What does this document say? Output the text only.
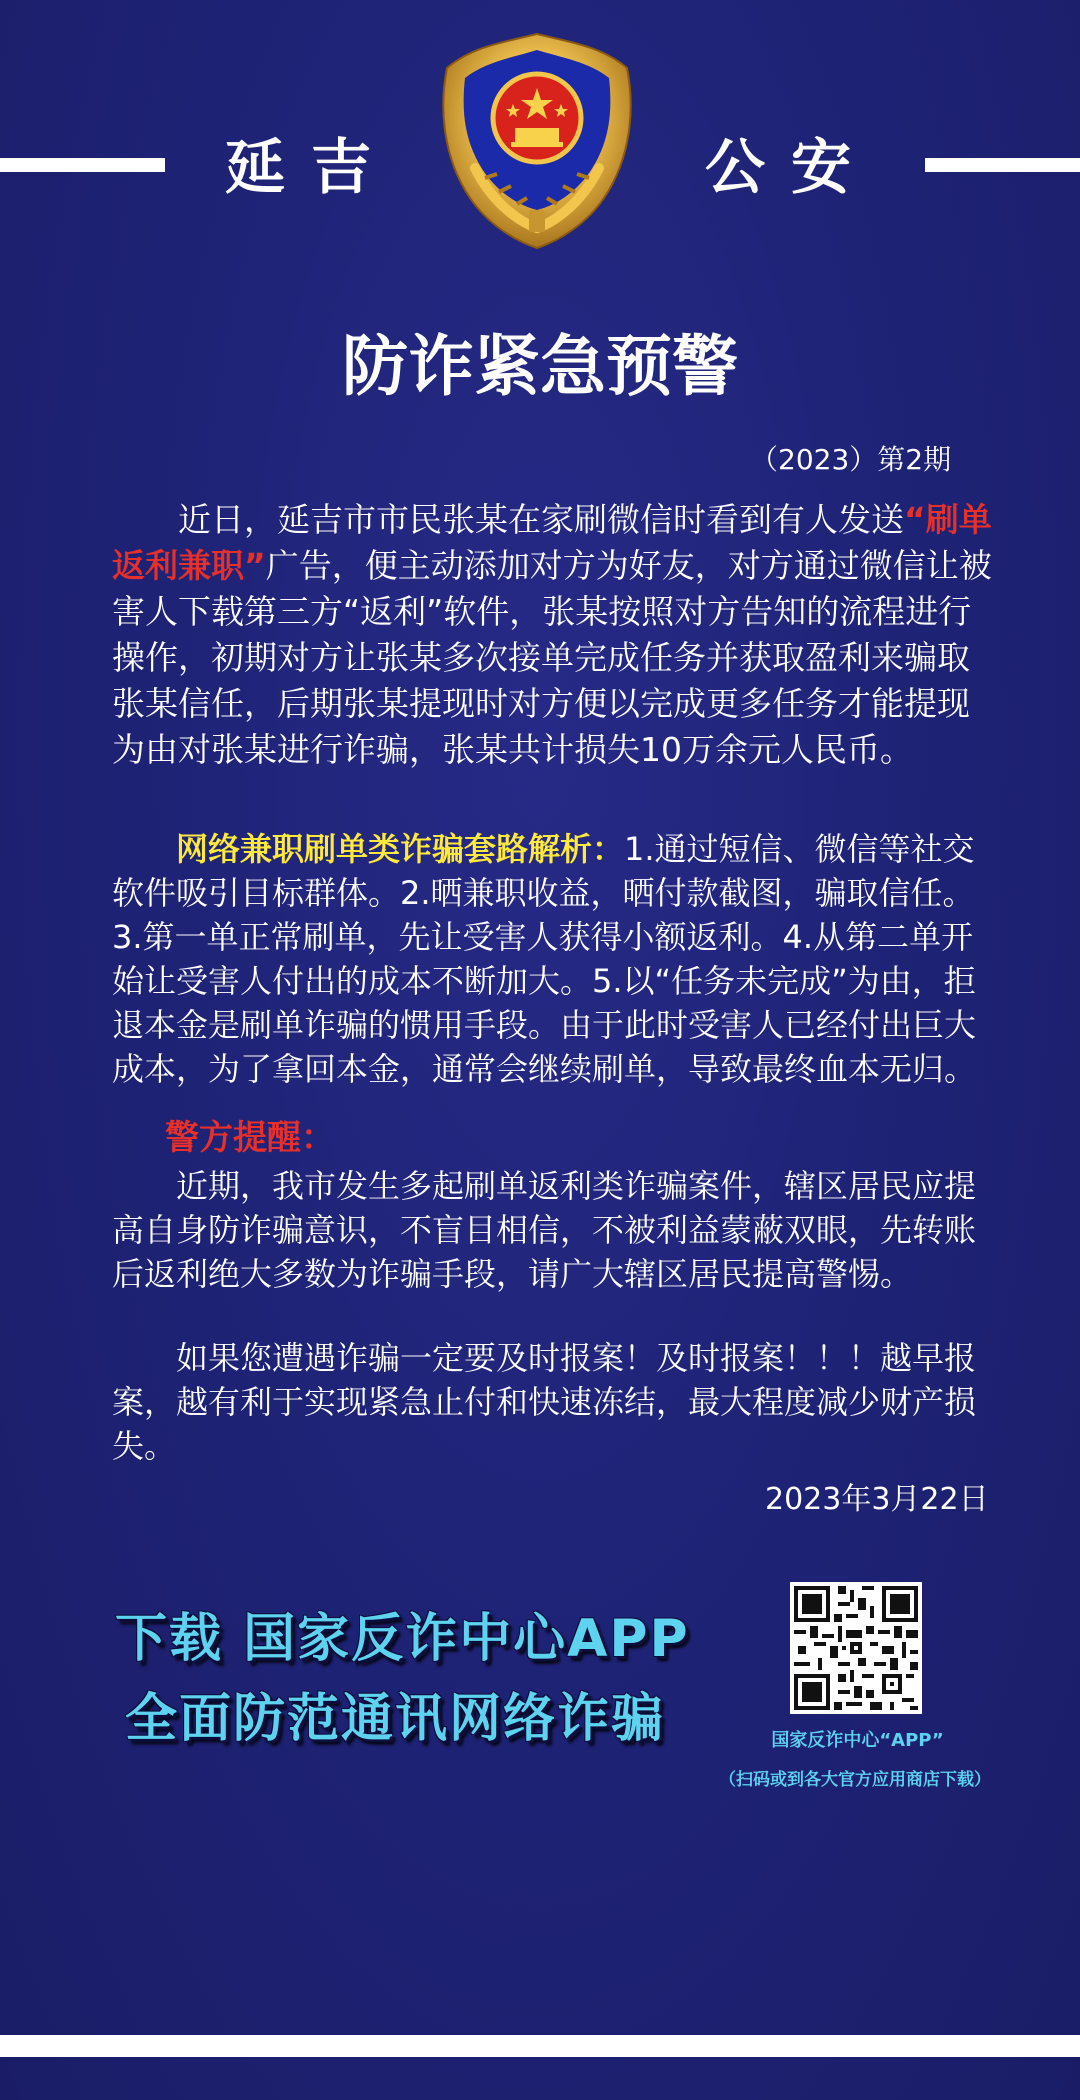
延吉	公安
防诈紧急预警
（2023）第2期

近日，延吉市市民张某在家刷微信时看到有人发送“刷单返利兼职”广告，便主动添加对方为好友，对方通过微信让被害人下载第三方“返利”软件，张某按照对方告知的流程进行操作，初期对方让张某多次接单完成任务并获取盈利来骗取张某信任，后期张某提现时对方便以完成更多任务才能提现为由对张某进行诈骗，张某共计损失10万余元人民币。

网络兼职刷单类诈骗套路解析：1.通过短信、微信等社交软件吸引目标群体。2.晒兼职收益，晒付款截图，骗取信任。3.第一单正常刷单，先让受害人获得小额返利。4.从第二单开始让受害人付出的成本不断加大。5.以“任务未完成”为由，拒退本金是刷单诈骗的惯用手段。由于此时受害人已经付出巨大成本，为了拿回本金，通常会继续刷单，导致最终血本无归。

警方提醒：

近期，我市发生多起刷单返利类诈骗案件，辖区居民应提高自身防诈骗意识，不盲目相信，不被利益蒙蔽双眼，先转账后返利绝大多数为诈骗手段，请广大辖区居民提高警惕。

如果您遭遇诈骗一定要及时报案！及时报案！！！越早报案，越有利于实现紧急止付和快速冻结，最大程度减少财产损失。

2023年3月22日
下载 国家反诈中心APP
全面防范通讯网络诈骗	国家反诈中心“APP”
（扫码或到各大官方应用商店下载）
